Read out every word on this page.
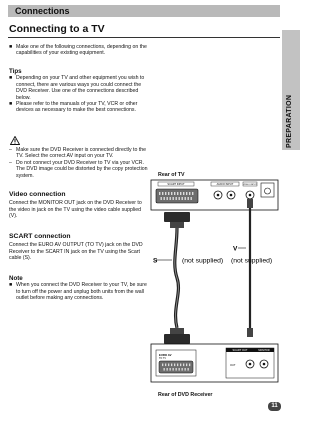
Connections
Connecting to a TV
PREPARATION
■ Make one of the following connections, depending on the capabilities of your existing equipment.
Tips
■ Depending on your TV and other equipment you wish to connect, there are various ways you could connect the DVD Receiver. Use one of the connections described below.
■ Please refer to the manuals of your TV, VCR or other devices as necessary to make the best connections.
– Make sure the DVD Receiver is connected directly to the TV. Select the correct AV input on your TV.
– Do not connect your DVD Receiver to TV via your VCR. The DVD image could be distorted by the copy protection system.
Video connection
Connect the MONITOR OUT jack on the DVD Receiver to the video in jack on the TV using the video cable supplied (V).
SCART connection
Connect the EURO AV OUTPUT (TO TV) jack on the DVD Receiver to the SCART IN jack on the TV using the Scart cable (S).
Note
■ When you connect the DVD Receiver to your TV, be sure to turn off the power and unplug both units from the wall outlet before making any connections.
Rear of TV
Rear of DVD Receiver
SCART INPUT	AUDIO INPUT	VIDEO INPUT
S	(not supplied)
V
(not supplied)
EURO AV
TO TV
SCART OUT	MONITOR
OUT
11
